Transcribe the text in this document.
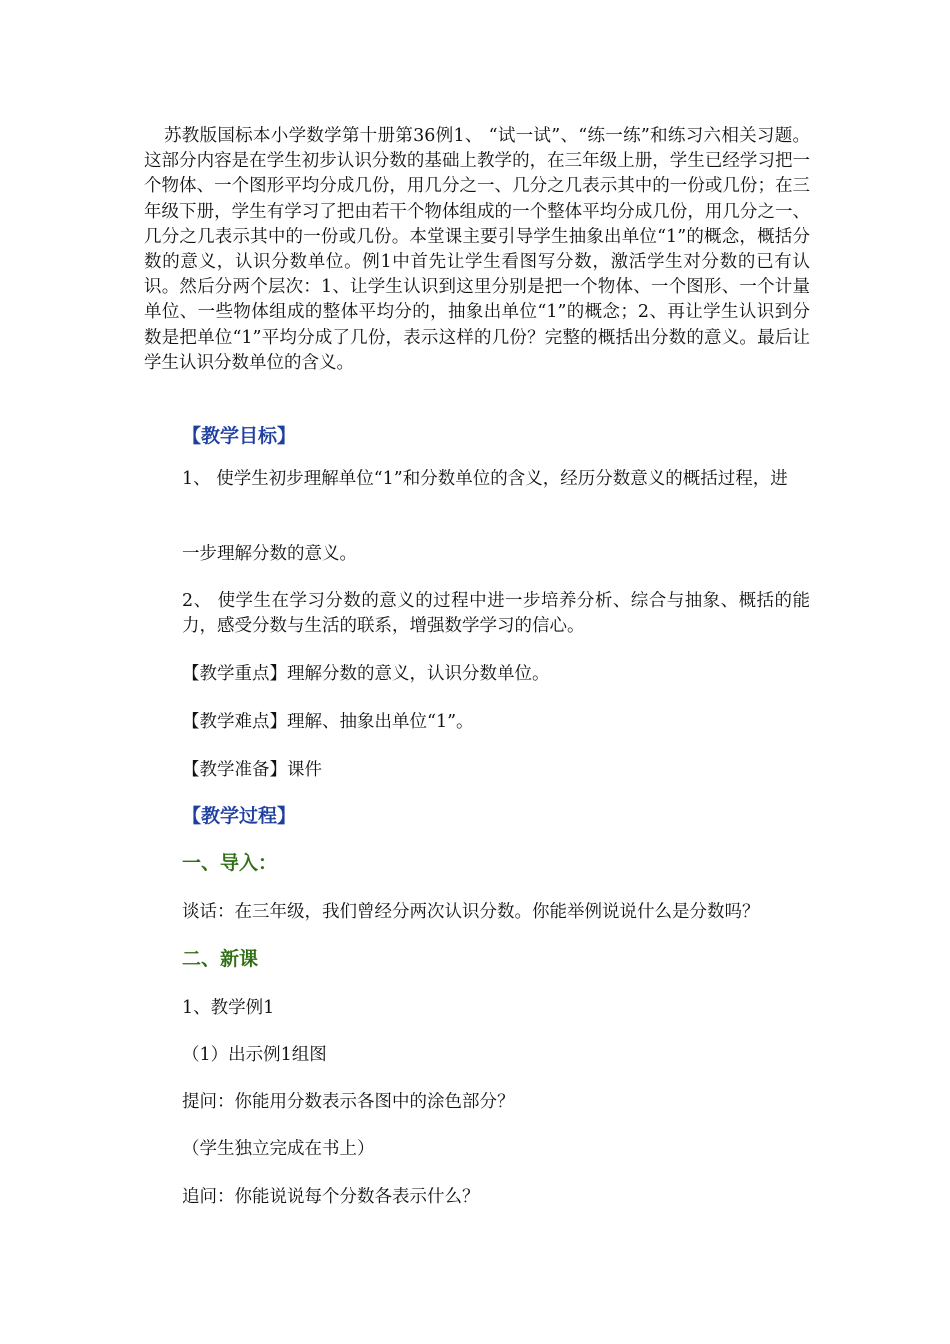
苏教版国标本小学数学第十册第36例1、 “试一试”、“练一练”和练习六相关习题。这部分内容是在学生初步认识分数的基础上教学的，在三年级上册，学生已经学习把一个物体、一个图形平均分成几份，用几分之一、几分之几表示其中的一份或几份；在三年级下册，学生有学习了把由若干个物体组成的一个整体平均分成几份，用几分之一、几分之几表示其中的一份或几份。本堂课主要引导学生抽象出单位“1”的概念，概括分数的意义，认识分数单位。例1中首先让学生看图写分数，激活学生对分数的已有认识。然后分两个层次：1、让学生认识到这里分别是把一个物体、一个图形、一个计量单位、一些物体组成的整体平均分的，抽象出单位“1”的概念；2、再让学生认识到分数是把单位“1”平均分成了几份，表示这样的几份？完整的概括出分数的意义。最后让学生认识分数单位的含义。
【教学目标】
1、 使学生初步理解单位“1”和分数单位的含义，经历分数意义的概括过程，进
一步理解分数的意义。
2、 使学生在学习分数的意义的过程中进一步培养分析、综合与抽象、概括的能力，感受分数与生活的联系，增强数学学习的信心。
【教学重点】理解分数的意义，认识分数单位。
【教学难点】理解、抽象出单位“1”。
【教学准备】课件
【教学过程】
一、导入：
谈话：在三年级，我们曾经分两次认识分数。你能举例说说什么是分数吗？
二、新课
1、教学例1
（1）出示例1组图
提问：你能用分数表示各图中的涂色部分？
（学生独立完成在书上）
追问：你能说说每个分数各表示什么？
